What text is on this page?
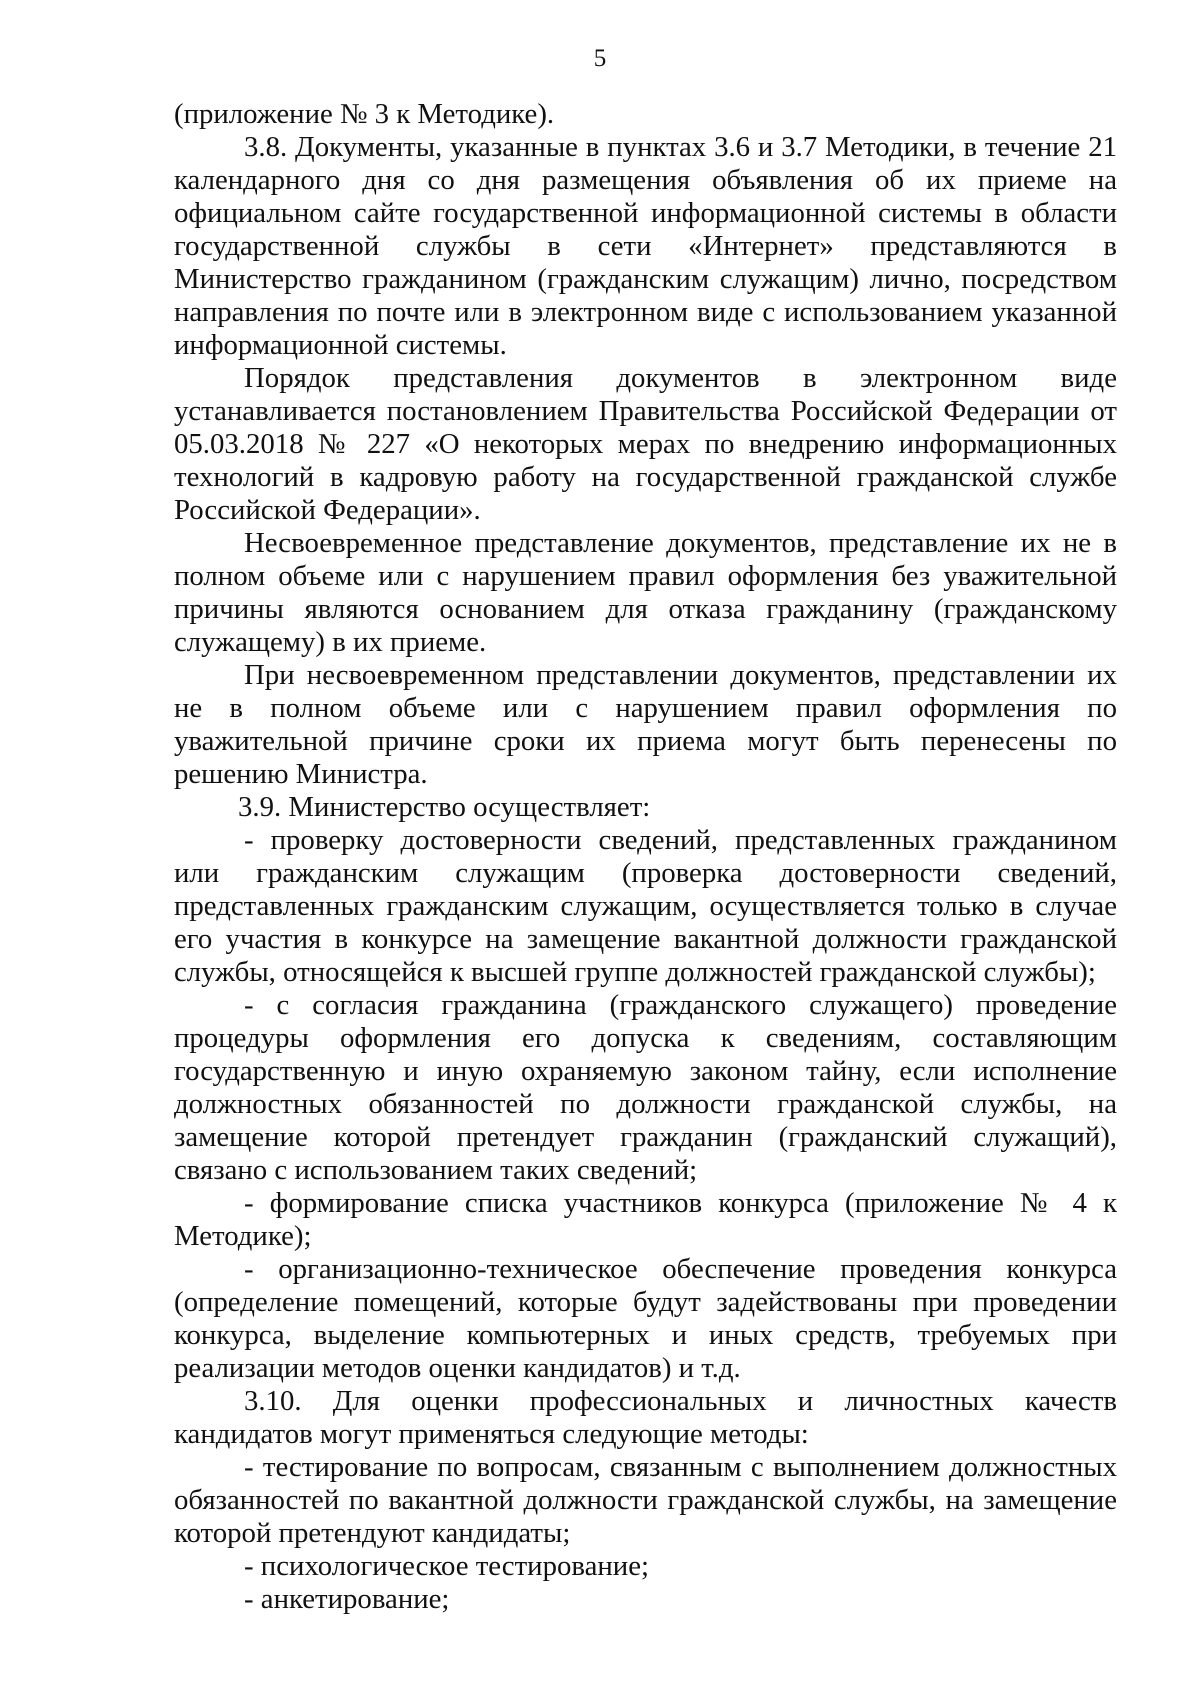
5

(приложение № 3 к Методике).

3.8. Документы, указанные в пунктах 3.6 и 3.7 Методики, в течение 21 календарного дня со дня размещения объявления об их приеме на официальном сайте государственной информационной системы в области государственной службы в сети «Интернет» представляются в Министерство гражданином (гражданским служащим) лично, посредством направления по почте или в электронном виде с использованием указанной информационной системы.

Порядок представления документов в электронном виде устанавливается постановлением Правительства Российской Федерации от 05.03.2018 № 227 «О некоторых мерах по внедрению информационных технологий в кадровую работу на государственной гражданской службе Российской Федерации».

Несвоевременное представление документов, представление их не в полном объеме или с нарушением правил оформления без уважительной причины являются основанием для отказа гражданину (гражданскому служащему) в их приеме.

При несвоевременном представлении документов, представлении их не в полном объеме или с нарушением правил оформления по уважительной причине сроки их приема могут быть перенесены по решению Министра.

3.9. Министерство осуществляет:

- проверку достоверности сведений, представленных гражданином или гражданским служащим (проверка достоверности сведений, представленных гражданским служащим, осуществляется только в случае его участия в конкурсе на замещение вакантной должности гражданской службы, относящейся к высшей группе должностей гражданской службы);

- с согласия гражданина (гражданского служащего) проведение процедуры оформления его допуска к сведениям, составляющим государственную и иную охраняемую законом тайну, если исполнение должностных обязанностей по должности гражданской службы, на замещение которой претендует гражданин (гражданский служащий), связано с использованием таких сведений;

- формирование списка участников конкурса (приложение № 4 к Методике);

- организационно-техническое обеспечение проведения конкурса (определение помещений, которые будут задействованы при проведении конкурса, выделение компьютерных и иных средств, требуемых при реализации методов оценки кандидатов) и т.д.

3.10. Для оценки профессиональных и личностных качеств кандидатов могут применяться следующие методы:

- тестирование по вопросам, связанным с выполнением должностных обязанностей по вакантной должности гражданской службы, на замещение которой претендуют кандидаты;

- психологическое тестирование;

- анкетирование;
